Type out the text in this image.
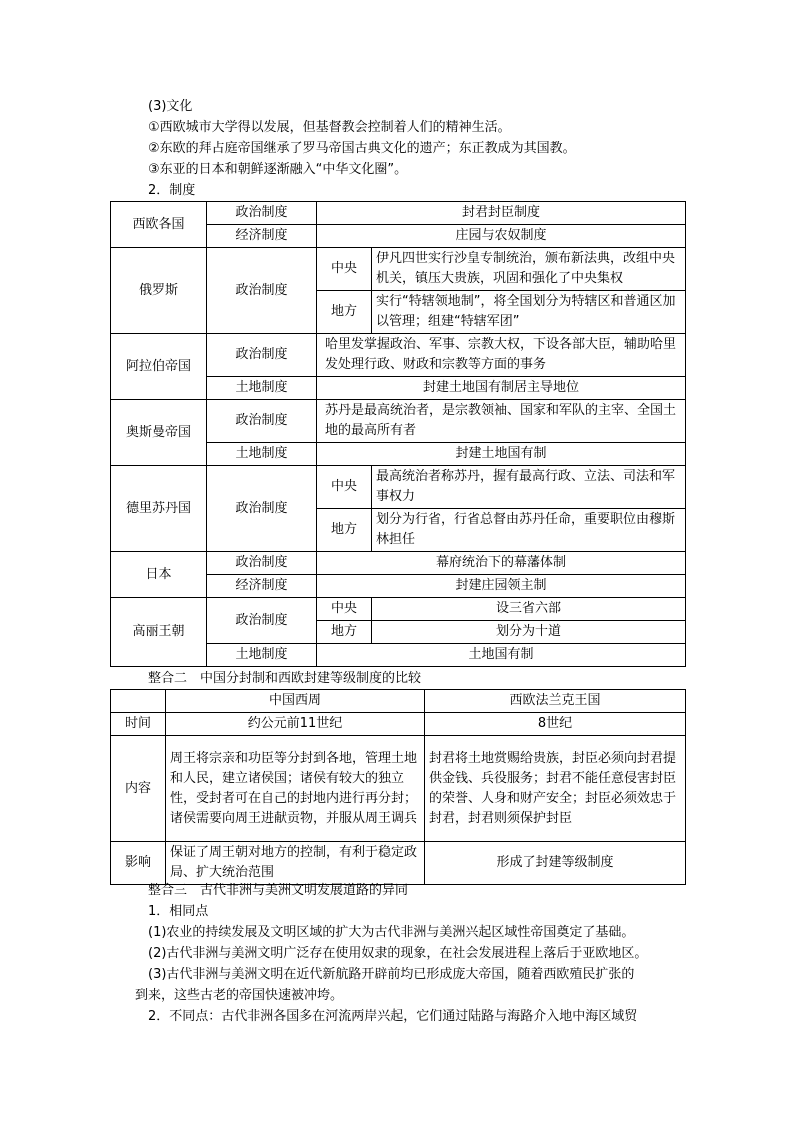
(3)文化
①西欧城市大学得以发展，但基督教会控制着人们的精神生活。
②东欧的拜占庭帝国继承了罗马帝国古典文化的遗产；东正教成为其国教。
③东亚的日本和朝鲜逐渐融入“中华文化圈”。
2．制度
西欧各国	政治制度	封君封臣制度	
	经济制度	庄园与农奴制度	
俄罗斯	政治制度	中央	伊凡四世实行沙皇专制统治，颁布新法典，改组中央机关，镇压大贵族，巩固和强化了中央集权
		地方	实行“特辖领地制”，将全国划分为特辖区和普通区加以管理；组建“特辖军团”
阿拉伯帝国	政治制度	哈里发掌握政治、军事、宗教大权，下设各部大臣，辅助哈里发处理行政、财政和宗教等方面的事务	
	土地制度	封建土地国有制居主导地位	
奥斯曼帝国	政治制度	苏丹是最高统治者，是宗教领袖、国家和军队的主宰、全国土地的最高所有者	
	土地制度	封建土地国有制	
德里苏丹国	政治制度	中央	最高统治者称苏丹，握有最高行政、立法、司法和军事权力
		地方	划分为行省，行省总督由苏丹任命，重要职位由穆斯林担任
日本	政治制度	幕府统治下的幕藩体制	
	经济制度	封建庄园领主制	
高丽王朝	政治制度	中央	设三省六部
		地方	划分为十道
	土地制度	土地国有制	
整合二　中国分封制和西欧封建等级制度的比较
	中国西周	西欧法兰克王国
时间	约公元前11世纪	8世纪
内容	周王将宗亲和功臣等分封到各地，管理土地和人民，建立诸侯国；诸侯有较大的独立性，受封者可在自己的封地内进行再分封；诸侯需要向周王进献贡物，并服从周王调兵	封君将土地赏赐给贵族，封臣必须向封君提供金钱、兵役服务；封君不能任意侵害封臣的荣誉、人身和财产安全；封臣必须效忠于封君，封君则须保护封臣
影响	保证了周王朝对地方的控制，有利于稳定政局、扩大统治范围	形成了封建等级制度
整合三　古代非洲与美洲文明发展道路的异同
1．相同点
(1)农业的持续发展及文明区域的扩大为古代非洲与美洲兴起区域性帝国奠定了基础。
(2)古代非洲与美洲文明广泛存在使用奴隶的现象，在社会发展进程上落后于亚欧地区。
(3)古代非洲与美洲文明在近代新航路开辟前均已形成庞大帝国，随着西欧殖民扩张的
到来，这些古老的帝国快速被冲垮。
2．不同点：古代非洲各国多在河流两岸兴起，它们通过陆路与海路介入地中海区域贸
